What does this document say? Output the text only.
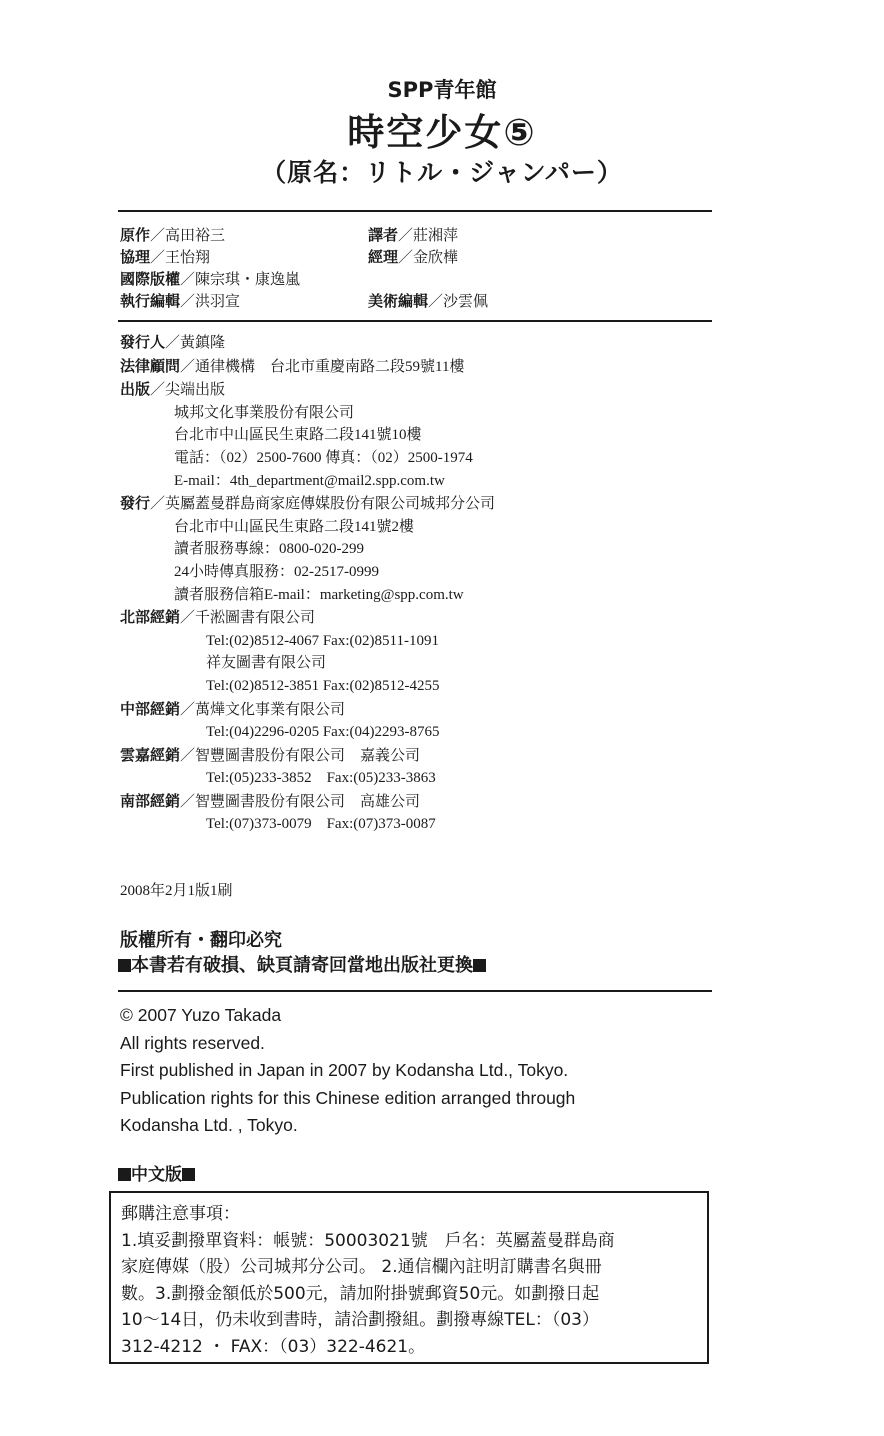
SPP青年館
時空少女⑤
（原名：リトル・ジャンパー）
原作／高田裕三	譯者／莊湘萍
協理／王怡翔	經理／金欣樺
國際版權／陳宗琪・康逸嵐
執行編輯／洪羽宣	美術編輯／沙雲佩
發行人／黃鎮隆
法律顧問／通律機構　台北市重慶南路二段59號11樓
出版／尖端出版
城邦文化事業股份有限公司
台北市中山區民生東路二段141號10樓
電話：（02）2500-7600 傳真：（02）2500-1974
E-mail：4th_department@mail2.spp.com.tw
發行／英屬蓋曼群島商家庭傳媒股份有限公司城邦分公司
台北市中山區民生東路二段141號2樓
讀者服務專線：0800-020-299
24小時傳真服務：02-2517-0999
讀者服務信箱E-mail：marketing@spp.com.tw
北部經銷／千淞圖書有限公司
Tel:(02)8512-4067 Fax:(02)8511-1091
祥友圖書有限公司
Tel:(02)8512-3851 Fax:(02)8512-4255
中部經銷／萬燁文化事業有限公司
Tel:(04)2296-0205 Fax:(04)2293-8765
雲嘉經銷／智豐圖書股份有限公司　嘉義公司
Tel:(05)233-3852　Fax:(05)233-3863
南部經銷／智豐圖書股份有限公司　高雄公司
Tel:(07)373-0079　Fax:(07)373-0087
2008年2月1版1刷
版權所有・翻印必究
本書若有破損、缺頁請寄回當地出版社更換
© 2007 Yuzo Takada
All rights reserved.
First published in Japan in 2007 by Kodansha Ltd., Tokyo.
Publication rights for this Chinese edition arranged through
Kodansha Ltd. , Tokyo.
中文版
郵購注意事項：
1.填妥劃撥單資料：帳號：50003021號　戶名：英屬蓋曼群島商
家庭傳媒（股）公司城邦分公司。 2.通信欄內註明訂購書名與冊
數。3.劃撥金額低於500元，請加附掛號郵資50元。如劃撥日起
10～14日，仍未收到書時，請洽劃撥組。劃撥專線TEL：（03）
312-4212 ・ FAX：（03）322-4621。
